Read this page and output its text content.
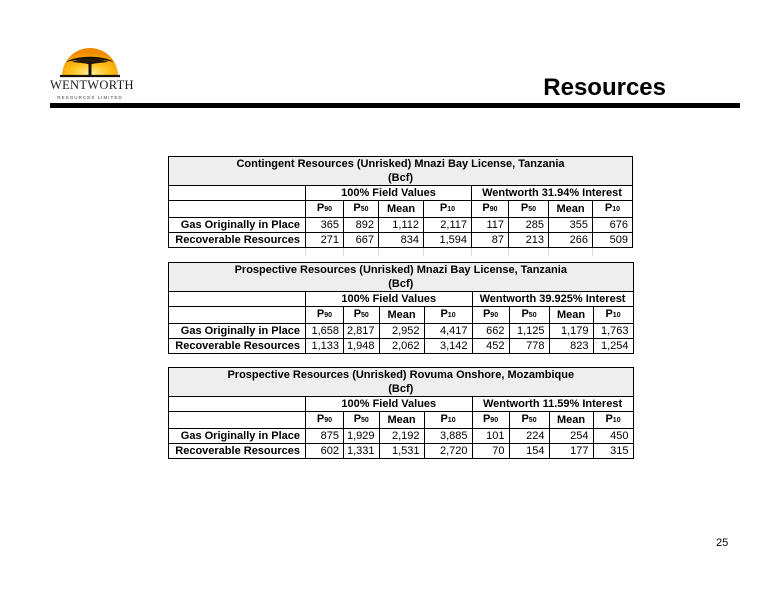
WENTWORTH
RESOURCES LIMITED	Resources
Contingent Resources (Unrisked) Mnazi Bay License, Tanzania								
(Bcf)								
	100% Field Values				Wentworth 31.94% Interest			
	P90	P50	Mean	P10	P90	P50	Mean	P10
Gas Originally in Place	365	892	1,112	2,117	117	285	355	676
Recoverable Resources	271	667	834	1,594	87	213	266	509

Prospective Resources (Unrisked) Mnazi Bay License, Tanzania								
(Bcf)								
	100% Field Values				Wentworth 39.925% Interest			
	P90	P50	Mean	P10	P90	P50	Mean	P10
Gas Originally in Place	1,658	2,817	2,952	4,417	662	1,125	1,179	1,763
Recoverable Resources	1,133	1,948	2,062	3,142	452	778	823	1,254
Prospective Resources (Unrisked) Rovuma Onshore, Mozambique								
(Bcf)								
	100% Field Values				Wentworth 11.59% Interest			
	P90	P50	Mean	P10	P90	P50	Mean	P10
Gas Originally in Place	875	1,929	2,192	3,885	101	224	254	450
Recoverable Resources	602	1,331	1,531	2,720	70	154	177	315
25
